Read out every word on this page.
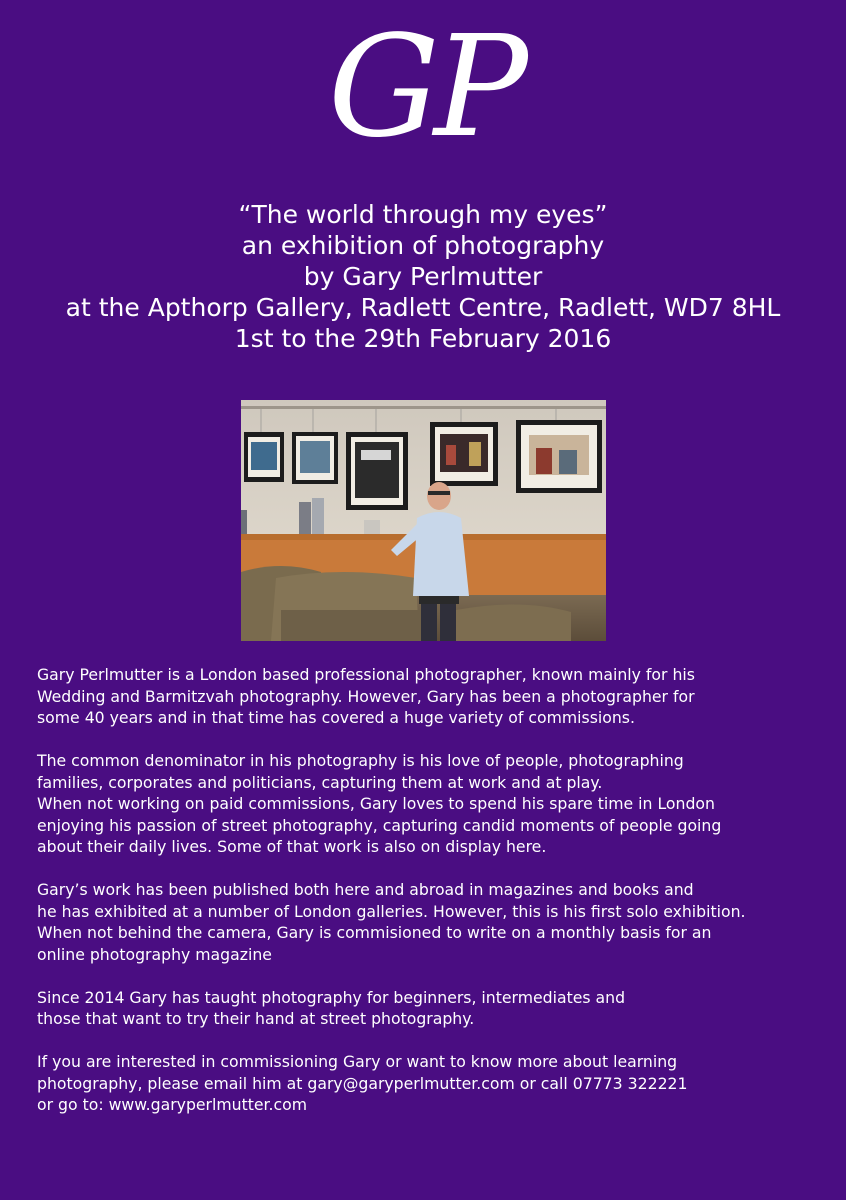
GP
“The world through my eyes”
an exhibition of photography
by Gary Perlmutter
at the Apthorp Gallery, Radlett Centre, Radlett, WD7 8HL
1st to the 29th February 2016

Gary Perlmutter is a London based professional photographer, known mainly for his
Wedding and Barmitzvah photography. However, Gary has been a photographer for
some 40 years and in that time has covered a huge variety of commissions.

The common denominator in his photography is his love of people, photographing
families, corporates and politicians, capturing them at work and at play.
When not working on paid commissions, Gary loves to spend his spare time in London
enjoying his passion of street photography, capturing candid moments of people going
about their daily lives. Some of that work is also on display here.

Gary’s work has been published both here and abroad in magazines and books and
he has exhibited at a number of London galleries. However, this is his first solo exhibition.
When not behind the camera, Gary is commisioned to write on a monthly basis for an
online photography magazine

Since 2014 Gary has taught photography for beginners, intermediates and
those that want to try their hand at street photography.

If you are interested in commissioning Gary or want to know more about learning
photography, please email him at gary@garyperlmutter.com or call 07773 322221
or go to: www.garyperlmutter.com
